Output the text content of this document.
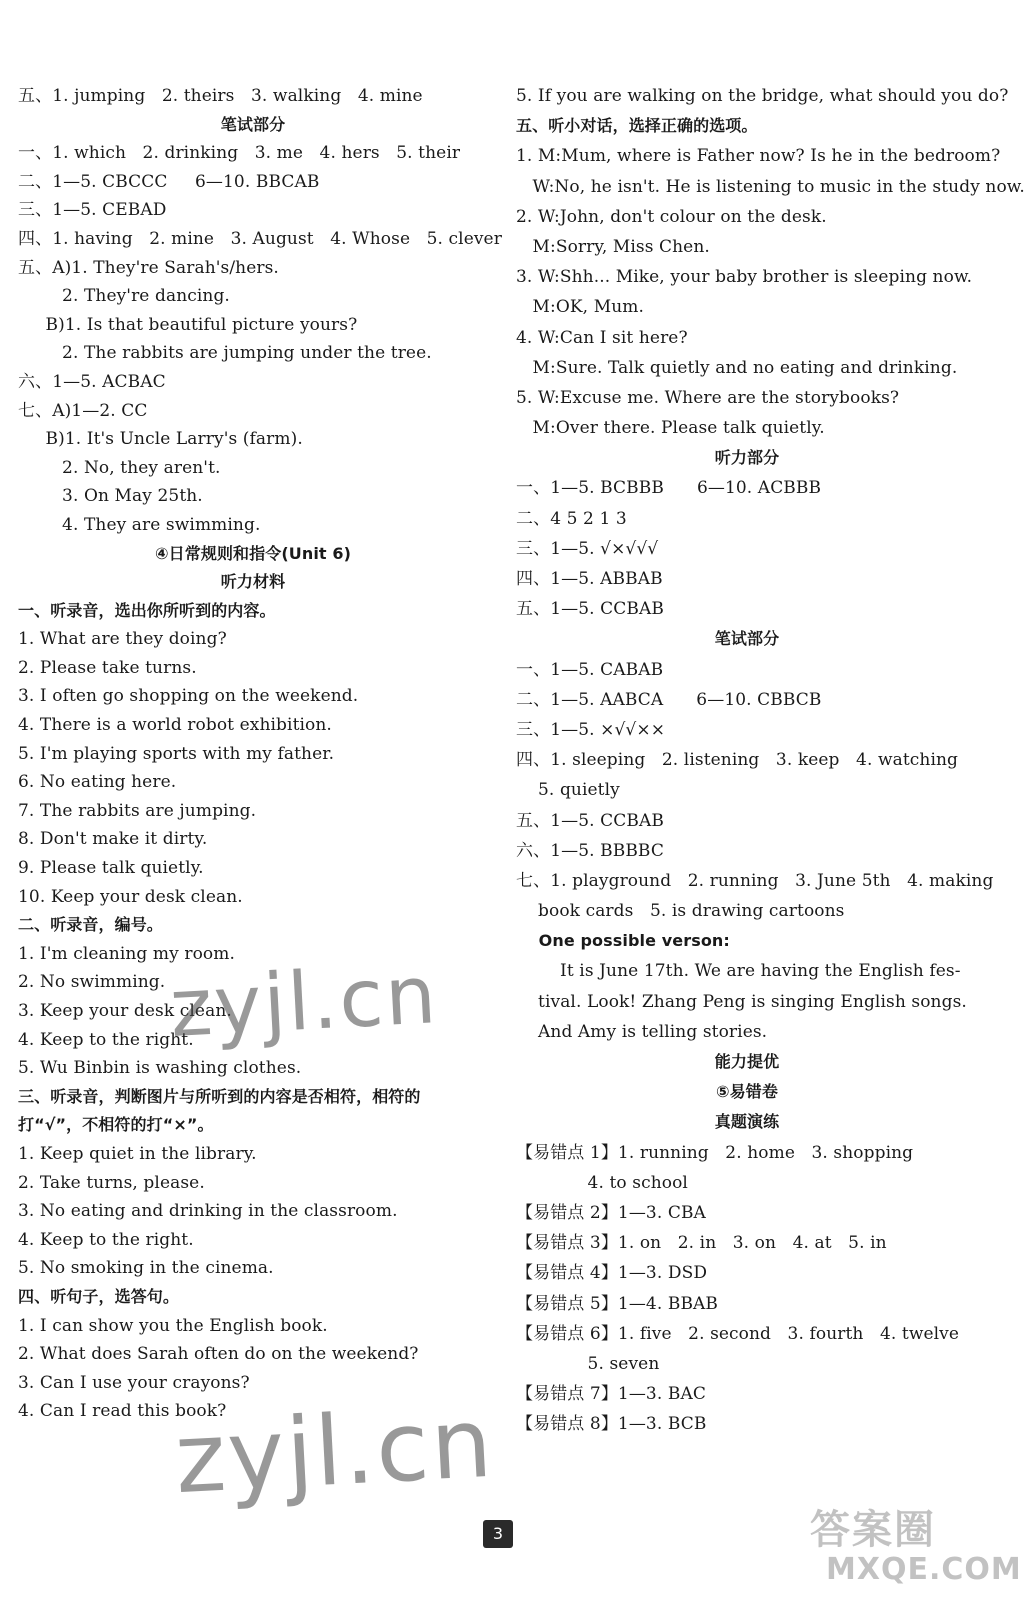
五、1. jumping   2. theirs   3. walking   4. mine
笔试部分
一、1. which   2. drinking   3. me   4. hers   5. their
二、1—5. CBCCC     6—10. BBCAB
三、1—5. CEBAD
四、1. having   2. mine   3. August   4. Whose   5. clever
五、A)1. They're Sarah's/hers.
2. They're dancing.
B)1. Is that beautiful picture yours?
2. The rabbits are jumping under the tree.
六、1—5. ACBAC
七、A)1—2. CC
B)1. It's Uncle Larry's (farm).
2. No, they aren't.
3. On May 25th.
4. They are swimming.
④日常规则和指令(Unit 6)
听力材料
一、听录音，选出你所听到的内容。
1. What are they doing?
2. Please take turns.
3. I often go shopping on the weekend.
4. There is a world robot exhibition.
5. I'm playing sports with my father.
6. No eating here.
7. The rabbits are jumping.
8. Don't make it dirty.
9. Please talk quietly.
10. Keep your desk clean.
二、听录音，编号。
1. I'm cleaning my room.
2. No swimming.
3. Keep your desk clean.
4. Keep to the right.
5. Wu Binbin is washing clothes.
三、听录音，判断图片与所听到的内容是否相符，相符的
打“√”，不相符的打“×”。
1. Keep quiet in the library.
2. Take turns, please.
3. No eating and drinking in the classroom.
4. Keep to the right.
5. No smoking in the cinema.
四、听句子，选答句。
1. I can show you the English book.
2. What does Sarah often do on the weekend?
3. Can I use your crayons?
4. Can I read this book?
5. If you are walking on the bridge, what should you do?
五、听小对话，选择正确的选项。
1. M:Mum, where is Father now? Is he in the bedroom?
W:No, he isn't. He is listening to music in the study now.
2. W:John, don't colour on the desk.
M:Sorry, Miss Chen.
3. W:Shh... Mike, your baby brother is sleeping now.
M:OK, Mum.
4. W:Can I sit here?
M:Sure. Talk quietly and no eating and drinking.
5. W:Excuse me. Where are the storybooks?
M:Over there. Please talk quietly.
听力部分
一、1—5. BCBBB      6—10. ACBBB
二、4 5 2 1 3
三、1—5. √×√√√
四、1—5. ABBAB
五、1—5. CCBAB
笔试部分
一、1—5. CABAB
二、1—5. AABCA      6—10. CBBCB
三、1—5. ×√√××
四、1. sleeping   2. listening   3. keep   4. watching
5. quietly
五、1—5. CCBAB
六、1—5. BBBBC
七、1. playground   2. running   3. June 5th   4. making
book cards   5. is drawing cartoons
One possible verson:
It is June 17th. We are having the English fes-
tival. Look! Zhang Peng is singing English songs.
And Amy is telling stories.
能力提优
⑤易错卷
真题演练
【易错点 1】1. running   2. home   3. shopping
4. to school
【易错点 2】1—3. CBA
【易错点 3】1. on   2. in   3. on   4. at   5. in
【易错点 4】1—3. DSD
【易错点 5】1—4. BBAB
【易错点 6】1. five   2. second   3. fourth   4. twelve
5. seven
【易错点 7】1—3. BAC
【易错点 8】1—3. BCB
3
zyjl.cn
zyjl.cn
答案圈
MXQE.COM
